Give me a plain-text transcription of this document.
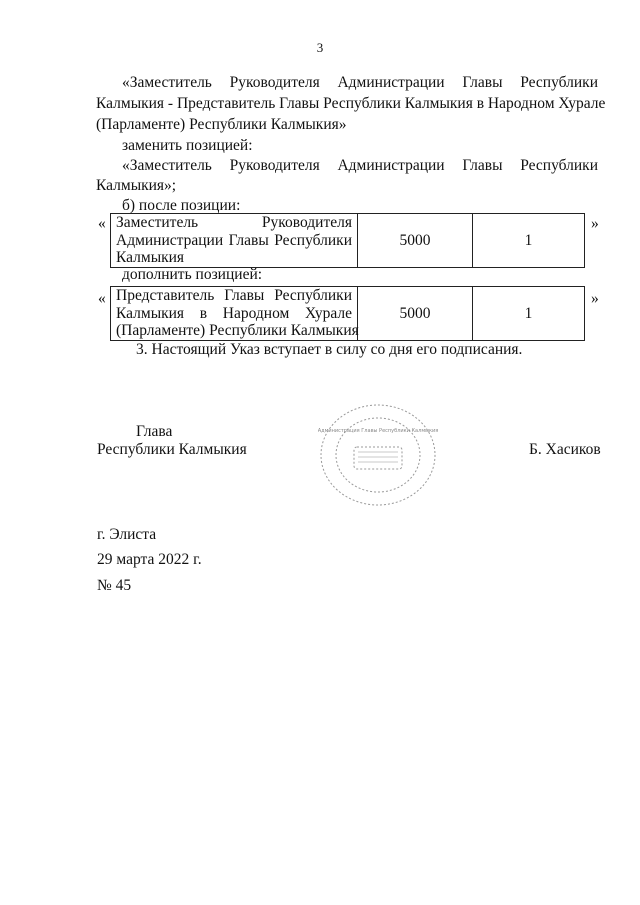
3
«Заместитель Руководителя Администрации Главы Республики
Калмыкия - Представитель Главы Республики Калмыкия в Народном Хурале
(Парламенте) Республики Калмыкия»
заменить позицией:
«Заместитель Руководителя Администрации Главы Республики
Калмыкия»;
б) после позиции:
« Заместитель Руководителя
Администрации Главы Республики
Калмыкия
	5000	1
»
дополнить позицией:
« Представитель Главы Республики
Калмыкия в Народном Хурале
(Парламенте) Республики Калмыкия
	5000	1
»
3. Настоящий Указ вступает в силу со дня его подписания.
Глава
Республики Калмыкия	Б. Хасиков
Администрация Главы Республики Калмыкия
г. Элиста
29 марта 2022 г.
№ 45
